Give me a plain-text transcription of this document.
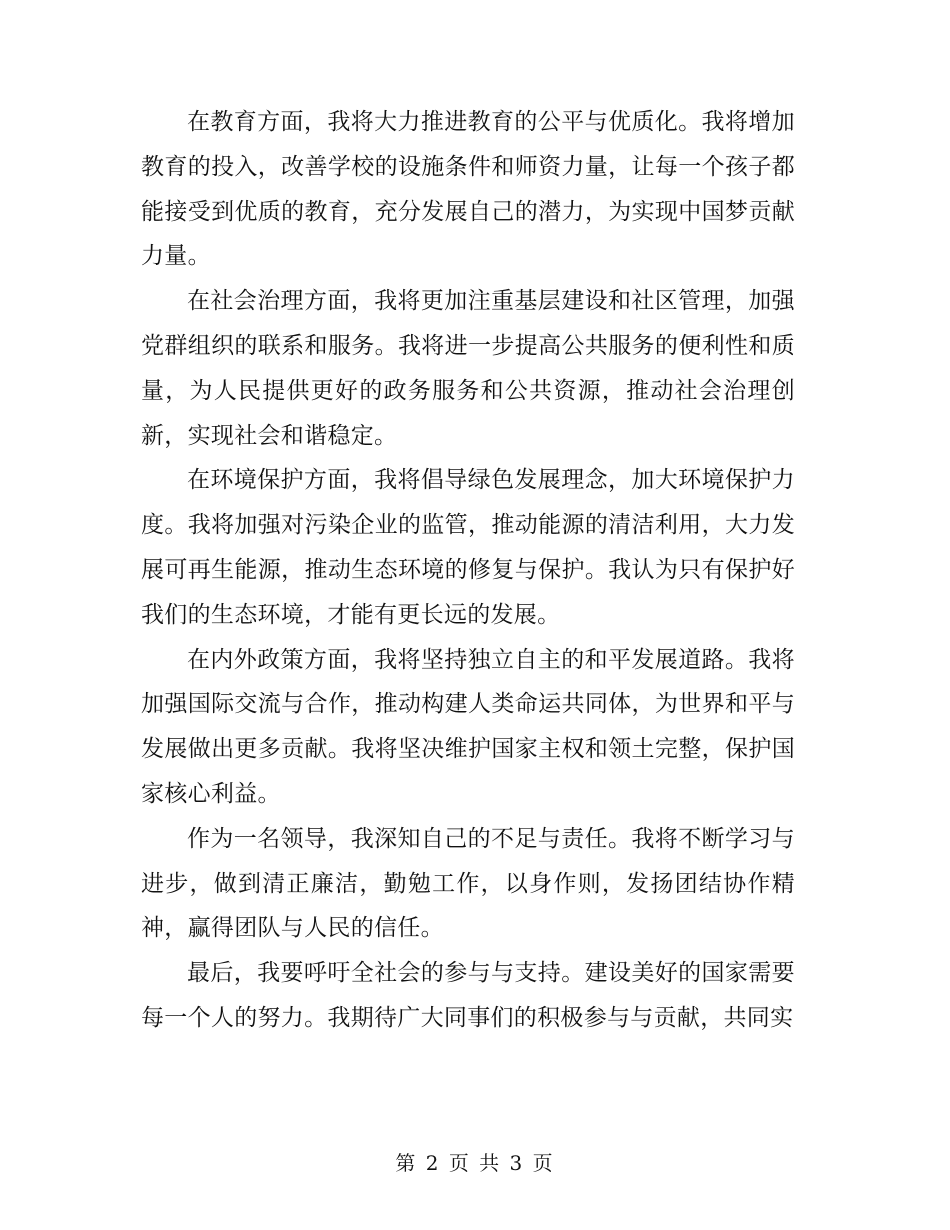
在教育方面，我将大力推进教育的公平与优质化。我将增加教育的投入，改善学校的设施条件和师资力量，让每一个孩子都能接受到优质的教育，充分发展自己的潜力，为实现中国梦贡献力量。

在社会治理方面，我将更加注重基层建设和社区管理，加强党群组织的联系和服务。我将进一步提高公共服务的便利性和质量，为人民提供更好的政务服务和公共资源，推动社会治理创新，实现社会和谐稳定。

在环境保护方面，我将倡导绿色发展理念，加大环境保护力度。我将加强对污染企业的监管，推动能源的清洁利用，大力发展可再生能源，推动生态环境的修复与保护。我认为只有保护好我们的生态环境，才能有更长远的发展。

在内外政策方面，我将坚持独立自主的和平发展道路。我将加强国际交流与合作，推动构建人类命运共同体，为世界和平与发展做出更多贡献。我将坚决维护国家主权和领土完整，保护国家核心利益。

作为一名领导，我深知自己的不足与责任。我将不断学习与进步，做到清正廉洁，勤勉工作，以身作则，发扬团结协作精神，赢得团队与人民的信任。

最后，我要呼吁全社会的参与与支持。建设美好的国家需要每一个人的努力。我期待广大同事们的积极参与与贡献，共同实

第 2 页 共 3 页
